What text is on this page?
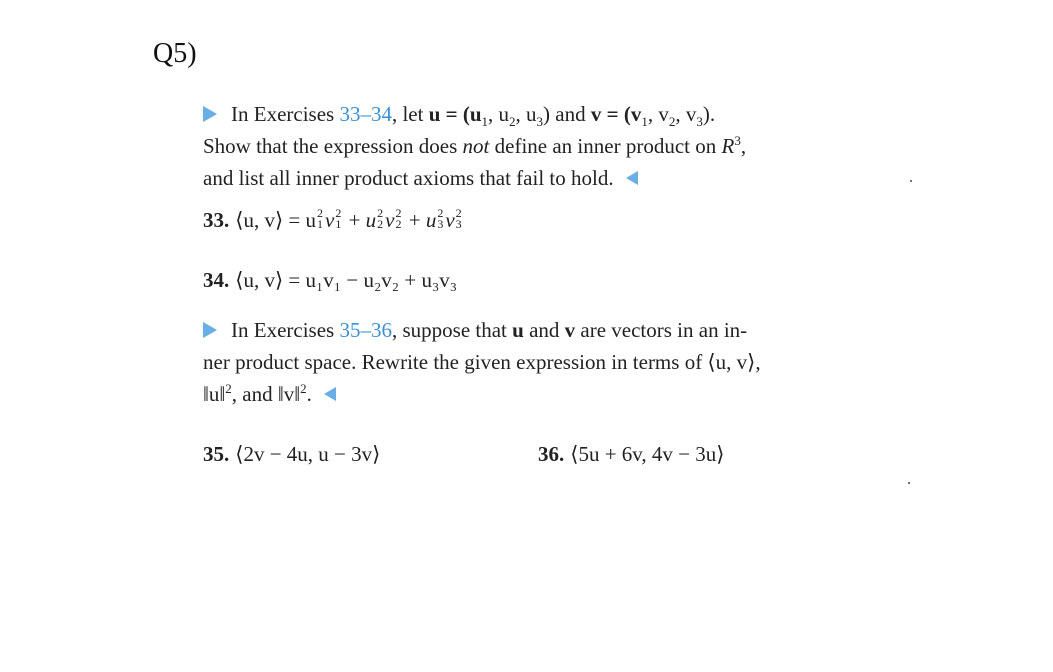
Q5)
In Exercises 33–34, let $u = (u_1$, $u_2$, $u_3$) and $v = (v_1$, $v_2$, $v_3$).
Show that the expression does not define an inner product on $R^3$,
and list all inner product axioms that fail to hold.
33. ⟨u, v⟩ = u 2
1 v 2
1 + u 2
2 v 2
2 + u 2
3 v 2
3
34. ⟨u, v⟩ = u₁v₁ − u₂v₂ + u₃v₃
In Exercises 35–36, suppose that u and v are vectors in an in-
ner product space. Rewrite the given expression in terms of ⟨u, v⟩,
‖u‖$^2$, and ‖v‖$^2$.
35. ⟨2v − 4u, u − 3v⟩	36. ⟨5u + 6v, 4v − 3u⟩
